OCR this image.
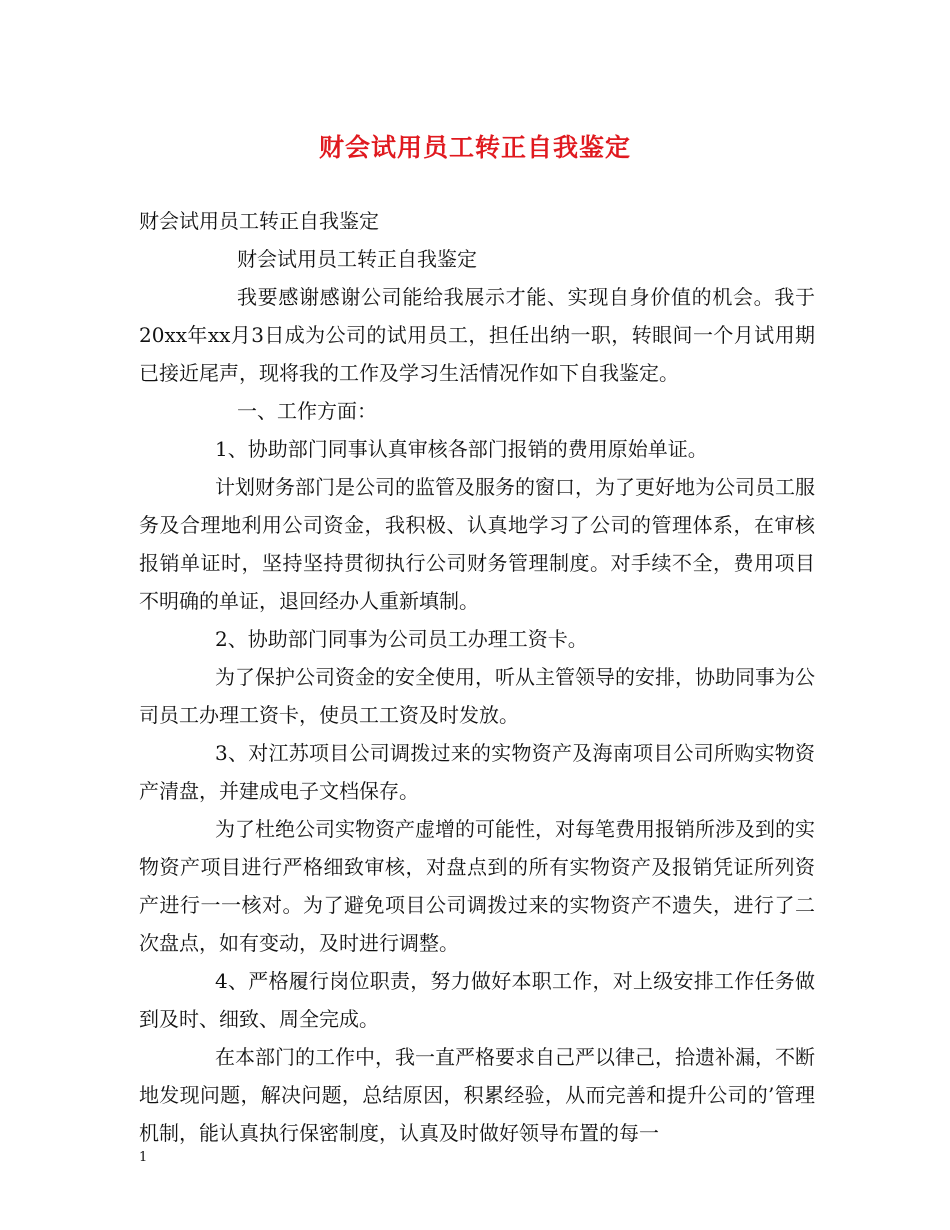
财会试用员工转正自我鉴定

财会试用员工转正自我鉴定

财会试用员工转正自我鉴定

我要感谢感谢公司能给我展示才能、实现自身价值的机会。我于20xx年xx月3日成为公司的试用员工，担任出纳一职，转眼间一个月试用期已接近尾声，现将我的工作及学习生活情况作如下自我鉴定。

一、工作方面：

1、协助部门同事认真审核各部门报销的费用原始单证。

计划财务部门是公司的监管及服务的窗口，为了更好地为公司员工服务及合理地利用公司资金，我积极、认真地学习了公司的管理体系，在审核报销单证时，坚持坚持贯彻执行公司财务管理制度。对手续不全，费用项目不明确的单证，退回经办人重新填制。

2、协助部门同事为公司员工办理工资卡。

为了保护公司资金的安全使用，听从主管领导的安排，协助同事为公司员工办理工资卡，使员工工资及时发放。

3、对江苏项目公司调拨过来的实物资产及海南项目公司所购实物资产清盘，并建成电子文档保存。

为了杜绝公司实物资产虚增的可能性，对每笔费用报销所涉及到的实物资产项目进行严格细致审核，对盘点到的所有实物资产及报销凭证所列资产进行一一核对。为了避免项目公司调拨过来的实物资产不遗失，进行了二次盘点，如有变动，及时进行调整。

4、严格履行岗位职责，努力做好本职工作，对上级安排工作任务做到及时、细致、周全完成。

在本部门的工作中，我一直严格要求自己严以律己，拾遗补漏，不断地发现问题，解决问题，总结原因，积累经验，从而完善和提升公司的’管理机制，能认真执行保密制度，认真及时做好领导布置的每一

1
